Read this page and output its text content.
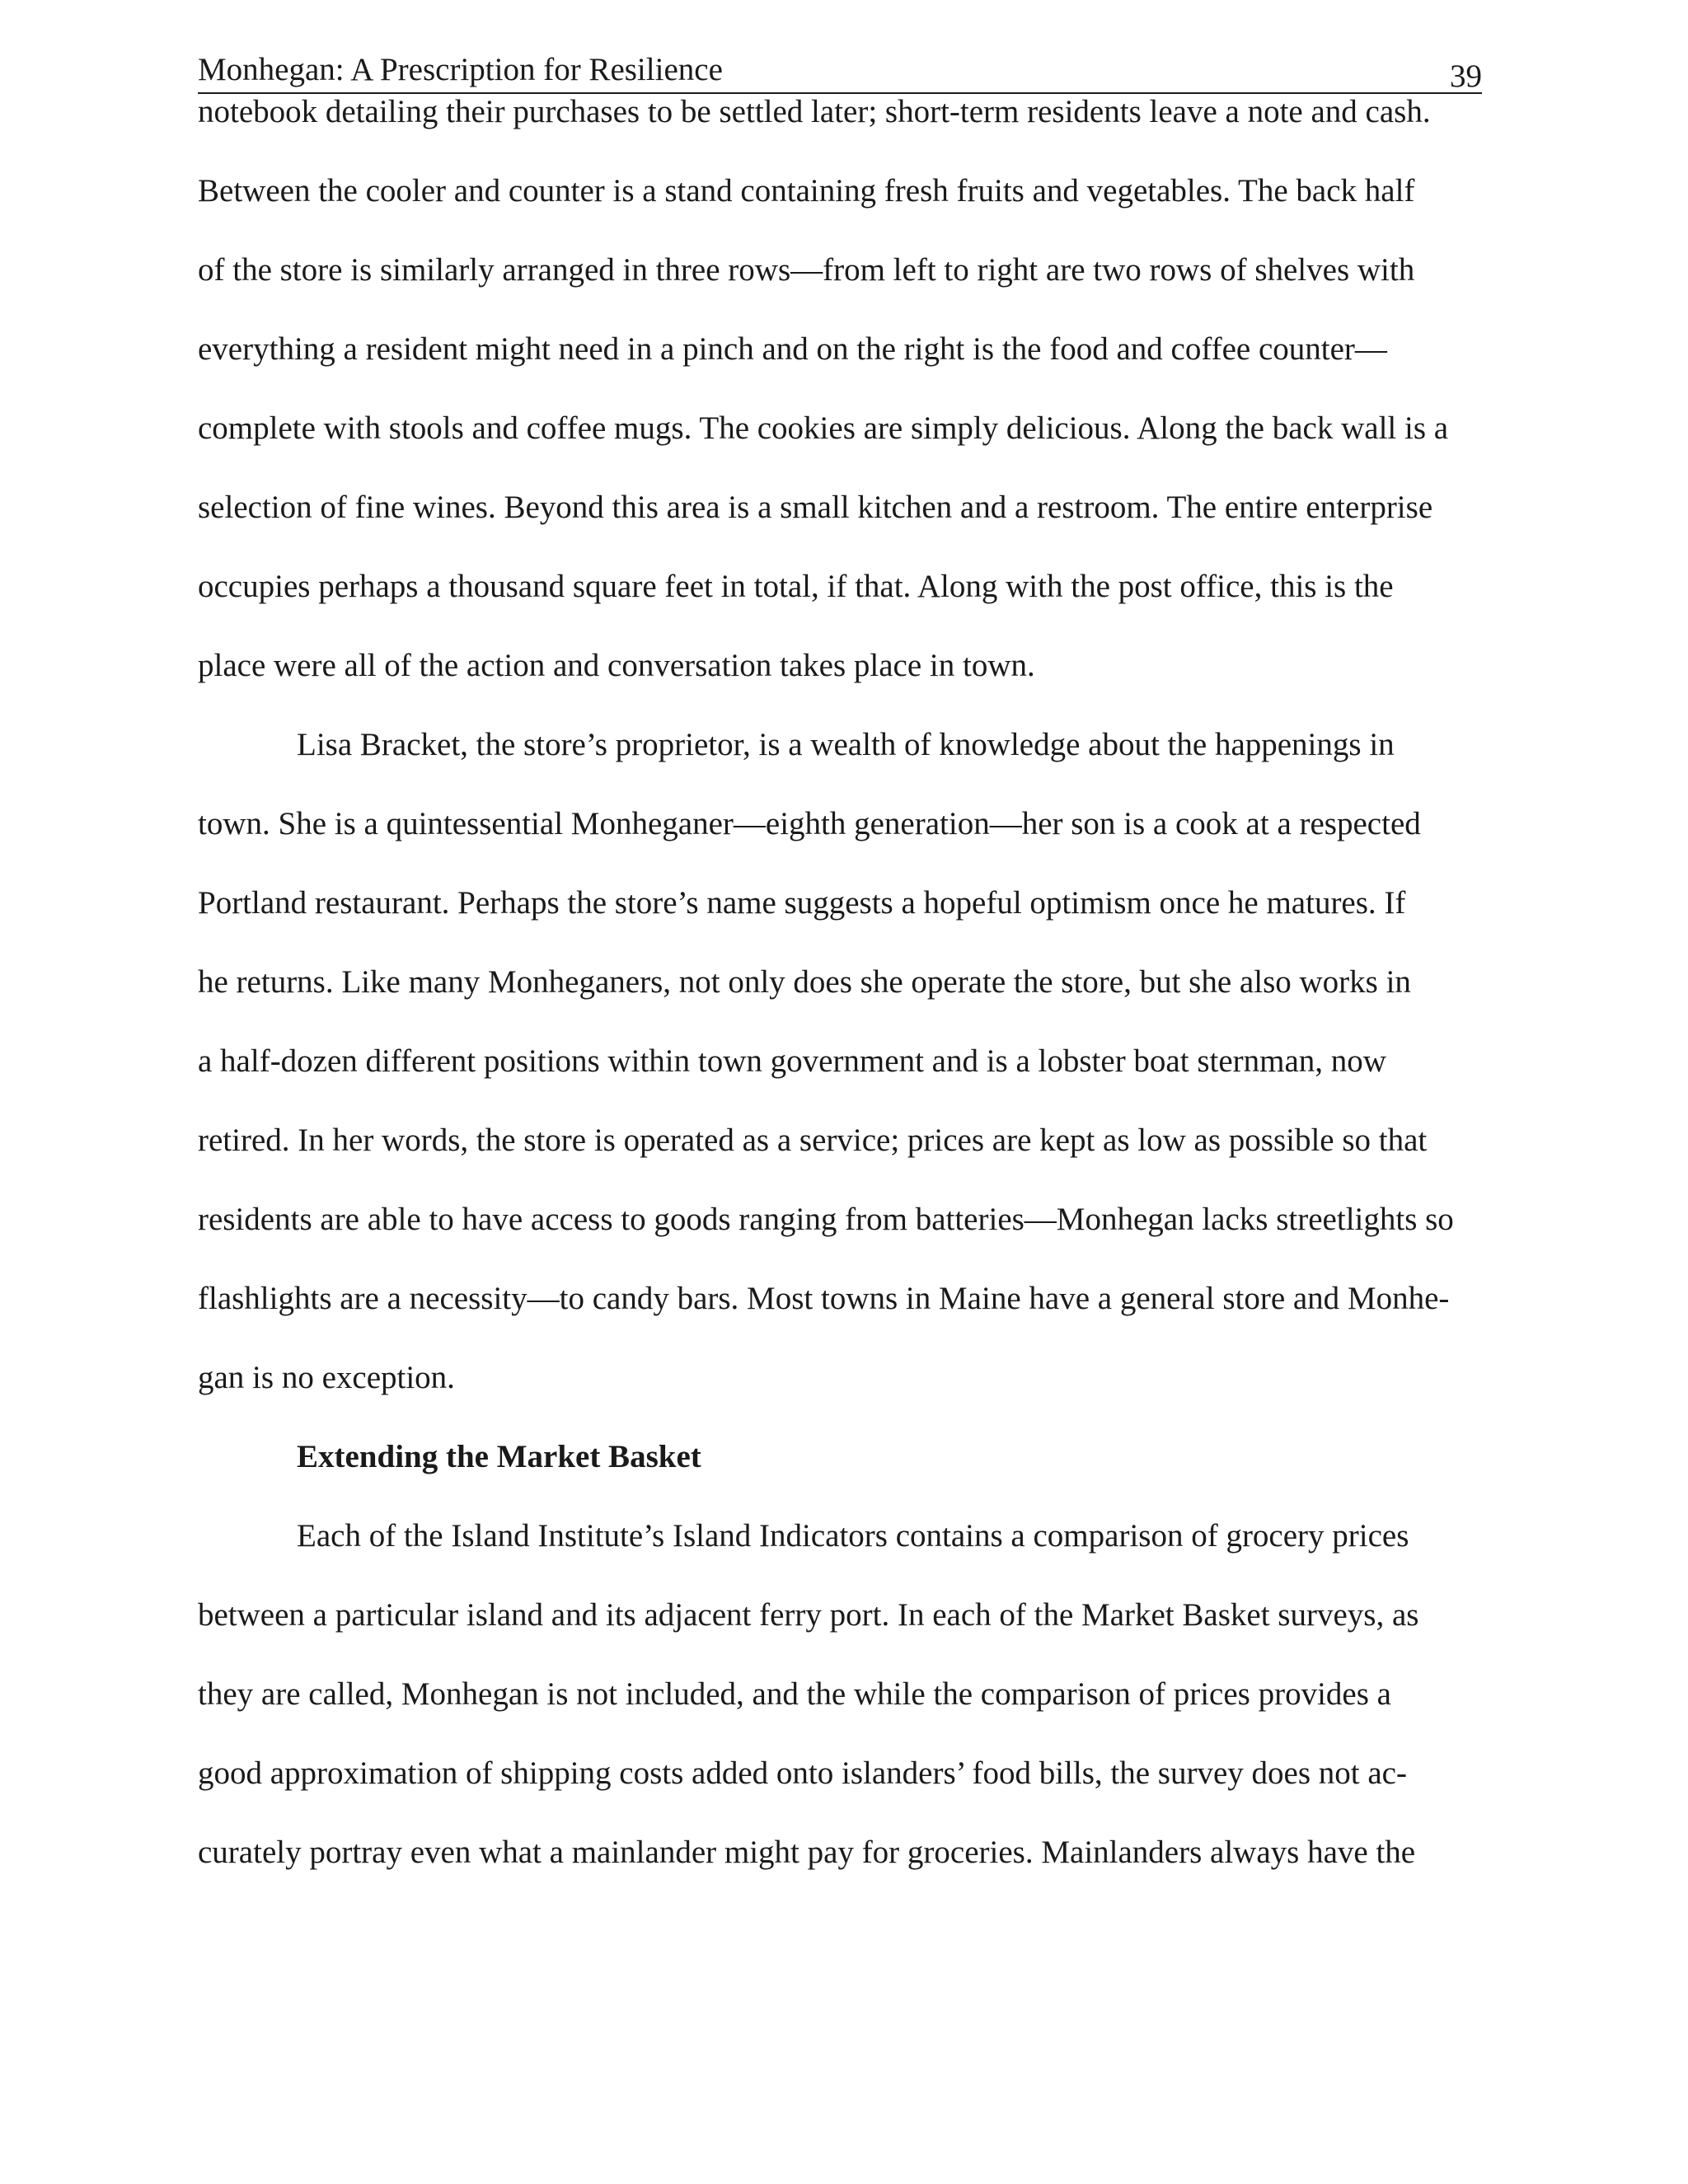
Monhegan: A Prescription for Resilience	39
notebook detailing their purchases to be settled later; short-term residents leave a note and cash.
Between the cooler and counter is a stand containing fresh fruits and vegetables. The back half
of the store is similarly arranged in three rows—from left to right are two rows of shelves with
everything a resident might need in a pinch and on the right is the food and coffee counter—
complete with stools and coffee mugs. The cookies are simply delicious. Along the back wall is a
selection of fine wines. Beyond this area is a small kitchen and a restroom. The entire enterprise
occupies perhaps a thousand square feet in total, if that. Along with the post office, this is the
place were all of the action and conversation takes place in town.
Lisa Bracket, the store’s proprietor, is a wealth of knowledge about the happenings in
town. She is a quintessential Monheganer—eighth generation—her son is a cook at a respected
Portland restaurant. Perhaps the store’s name suggests a hopeful optimism once he matures. If
he returns. Like many Monheganers, not only does she operate the store, but she also works in
a half-dozen different positions within town government and is a lobster boat sternman, now
retired. In her words, the store is operated as a service; prices are kept as low as possible so that
residents are able to have access to goods ranging from batteries—Monhegan lacks streetlights so
flashlights are a necessity—to candy bars. Most towns in Maine have a general store and Monhe-
gan is no exception.
Extending the Market Basket
Each of the Island Institute’s Island Indicators contains a comparison of grocery prices
between a particular island and its adjacent ferry port. In each of the Market Basket surveys, as
they are called, Monhegan is not included, and the while the comparison of prices provides a
good approximation of shipping costs added onto islanders’ food bills, the survey does not ac-
curately portray even what a mainlander might pay for groceries. Mainlanders always have the
